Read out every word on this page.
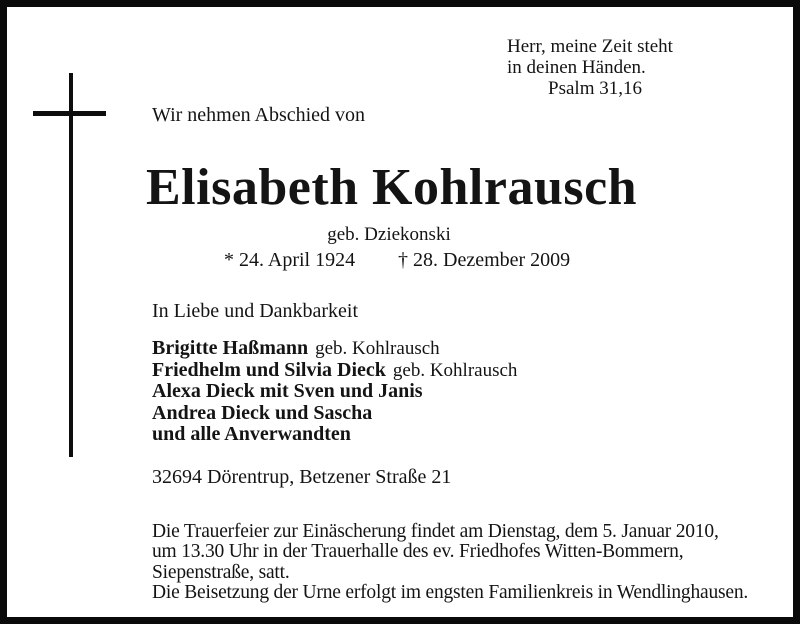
Herr, meine Zeit steht
in deinen Händen.
Psalm 31,16
Wir nehmen Abschied von
Elisabeth Kohlrausch
geb. Dziekonski
* 24. April 1924 † 28. Dezember 2009
In Liebe und Dankbarkeit
Brigitte Haßmann geb. Kohlrausch
Friedhelm und Silvia Dieck geb. Kohlrausch
Alexa Dieck mit Sven und Janis
Andrea Dieck und Sascha
und alle Anverwandten
32694 Dörentrup, Betzener Straße 21
Die Trauerfeier zur Einäscherung findet am Dienstag, dem 5. Januar 2010,
um 13.30 Uhr in der Trauerhalle des ev. Friedhofes Witten-Bommern,
Siepenstraße, satt.
Die Beisetzung der Urne erfolgt im engsten Familienkreis in Wendlinghausen.
